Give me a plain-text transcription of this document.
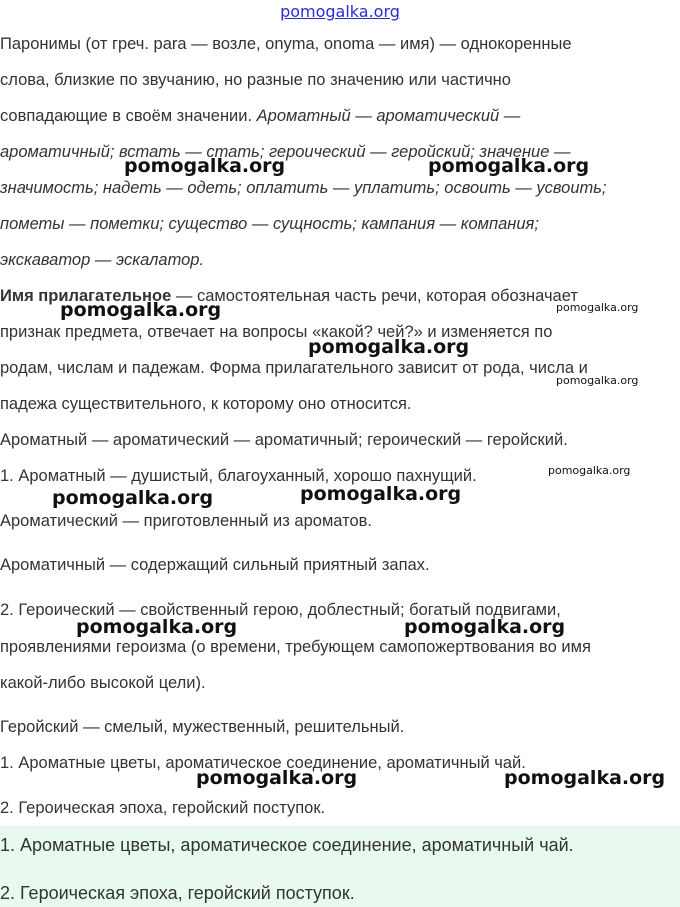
pomogalka.org
Паронимы (от греч. para — возле, onyma, onoma — имя) — однокоренные
слова, близкие по звучанию, но разные по значению или частично
совпадающие в своём значении. Ароматный — ароматический —
ароматичный; встать — стать; героический — геройский; значение —
значимость; надеть — одеть; оплатить — уплатить; освоить — усвоить;
пометы — пометки; существо — сущность; кампания — компания;
экскаватор — эскалатор.
Имя прилагательное — самостоятельная часть речи, которая обозначает
признак предмета, отвечает на вопросы «какой? чей?» и изменяется по
родам, числам и падежам. Форма прилагательного зависит от рода, числа и
падежа существительного, к которому оно относится.
Ароматный — ароматический — ароматичный; героический — геройский.
1. Ароматный — душистый, благоуханный, хорошо пахнущий.
Ароматический — приготовленный из ароматов.
Ароматичный — содержащий сильный приятный запах.
2. Героический — свойственный герою, доблестный; богатый подвигами,
проявлениями героизма (о времени, требующем самопожертвования во имя
какой-либо высокой цели).
Геройский — смелый, мужественный, решительный.
1. Ароматные цветы, ароматическое соединение, ароматичный чай.
2. Героическая эпоха, геройский поступок.
1. Ароматные цветы, ароматическое соединение, ароматичный чай.
2. Героическая эпоха, геройский поступок.
pomogalka.org	pomogalka.org
pomogalka.org	pomogalka.org
pomogalka.org
pomogalka.org
pomogalka.org
pomogalka.org	pomogalka.org
pomogalka.org	pomogalka.org
pomogalka.org	pomogalka.org
